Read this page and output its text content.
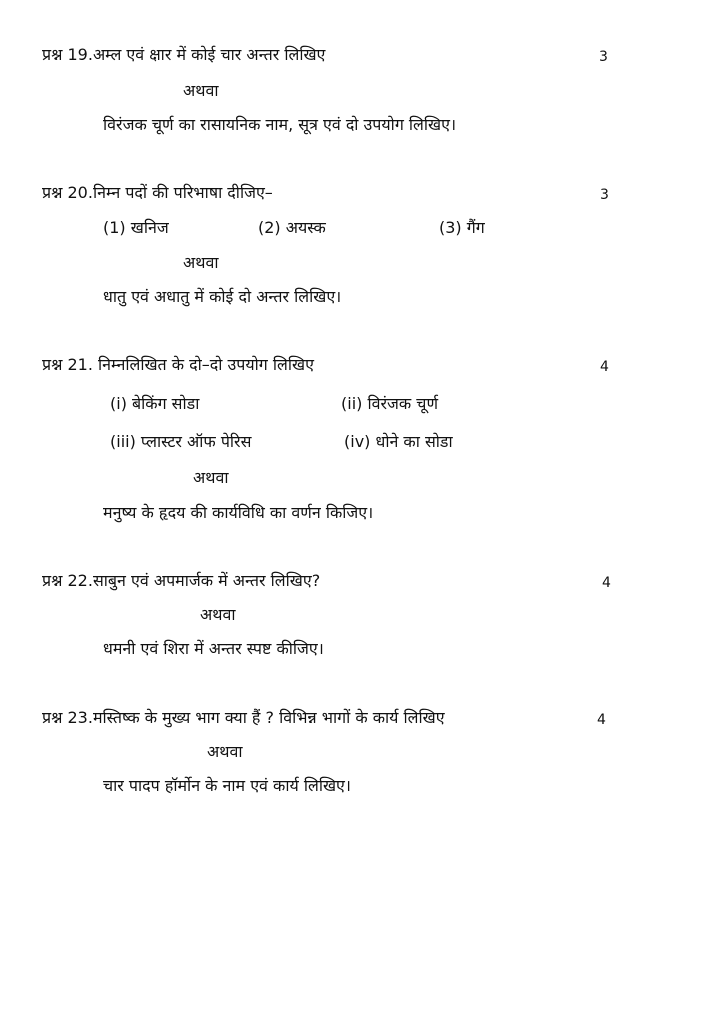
प्रश्न 19.अम्ल एवं क्षार में कोई चार अन्तर लिखिए	3
अथवा
विरंजक चूर्ण का रासायनिक नाम, सूत्र एवं दो उपयोग लिखिए।
प्रश्न 20.निम्न पदों की परिभाषा दीजिए–	3
(1) खनिज	(2) अयस्क	(3) गैंग
अथवा
धातु एवं अधातु में कोई दो अन्तर लिखिए।
प्रश्न 21. निम्नलिखित के दो–दो उपयोग लिखिए	4
(i) बेकिंग सोडा	(ii) विरंजक चूर्ण
(iii) प्लास्टर ऑफ पेरिस	(iv) धोने का सोडा
अथवा
मनुष्य के हृदय की कार्यविधि का वर्णन किजिए।
प्रश्न 22.साबुन एवं अपमार्जक में अन्तर लिखिए?	4
अथवा
धमनी एवं शिरा में अन्तर स्पष्ट कीजिए।
प्रश्न 23.मस्तिष्क के मुख्य भाग क्या हैं ? विभिन्न भागों के कार्य लिखिए	4
अथवा
चार पादप हॉर्मोन के नाम एवं कार्य लिखिए।
